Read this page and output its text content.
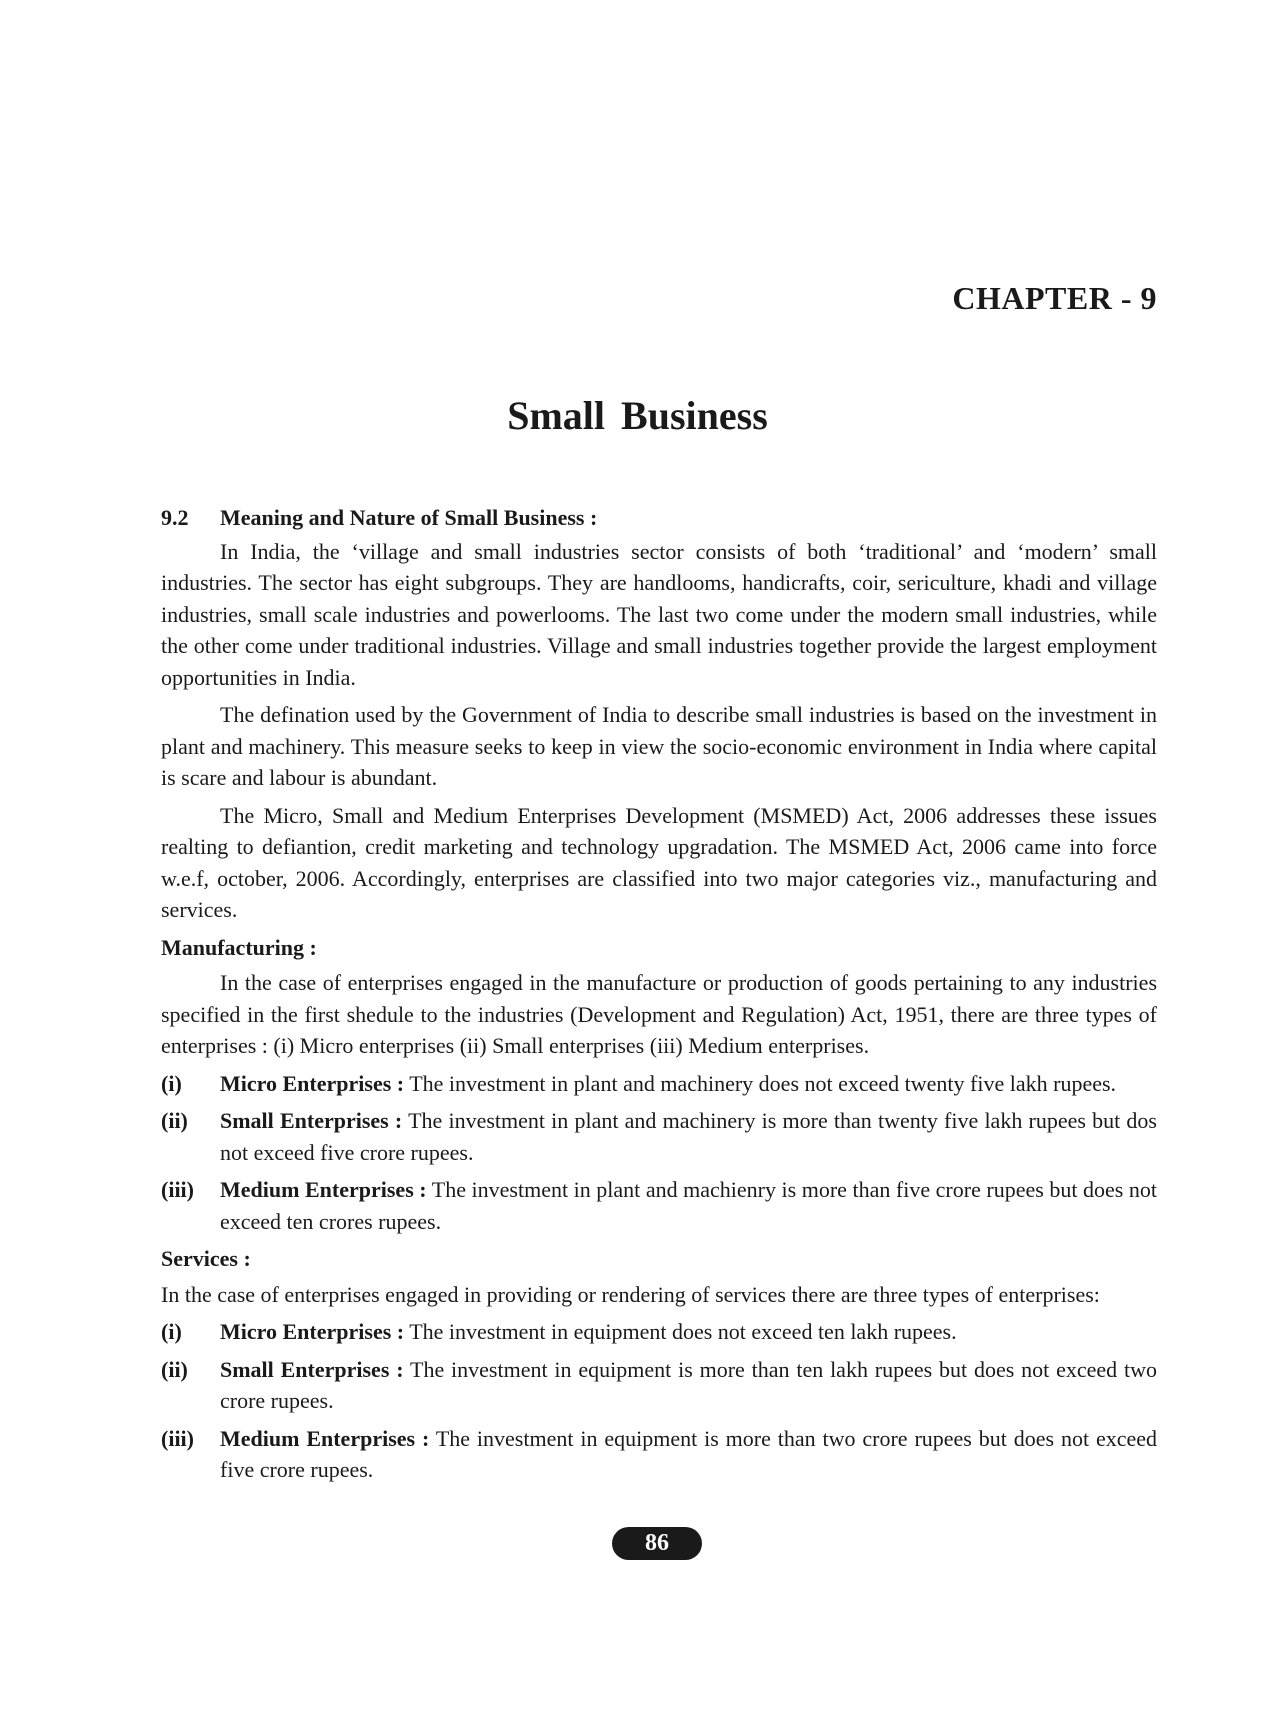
CHAPTER - 9
Small Business
9.2	Meaning and Nature of Small Business :

In India, the ‘village and small industries sector consists of both ‘traditional’ and ‘modern’ small industries. The sector has eight subgroups. They are handlooms, handicrafts, coir, sericulture, khadi and village industries, small scale industries and powerlooms. The last two come under the modern small industries, while the other come under traditional industries. Village and small industries together provide the largest employment opportunities in India.

The defination used by the Government of India to describe small industries is based on the investment in plant and machinery. This measure seeks to keep in view the socio-economic environment in India where capital is scare and labour is abundant.

The Micro, Small and Medium Enterprises Development (MSMED) Act, 2006 addresses these issues realting to defiantion, credit marketing and technology upgradation. The MSMED Act, 2006 came into force w.e.f, october, 2006. Accordingly, enterprises are classified into two major categories viz., manufacturing and services.

Manufacturing :

In the case of enterprises engaged in the manufacture or production of goods pertaining to any industries specified in the first shedule to the industries (Development and Regulation) Act, 1951, there are three types of enterprises : (i) Micro enterprises (ii) Small enterprises (iii) Medium enterprises.

(i)	Micro Enterprises : The investment in plant and machinery does not exceed twenty five lakh rupees.
(ii)	Small Enterprises : The investment in plant and machinery is more than twenty five lakh rupees but dos not exceed five crore rupees.
(iii)	Medium Enterprises : The investment in plant and machienry is more than five crore rupees but does not exceed ten crores rupees.
Services :

In the case of enterprises engaged in providing or rendering of services there are three types of enterprises:

(i)	Micro Enterprises : The investment in equipment does not exceed ten lakh rupees.
(ii)	Small Enterprises : The investment in equipment is more than ten lakh rupees but does not exceed two crore rupees.
(iii)	Medium Enterprises : The investment in equipment is more than two crore rupees but does not exceed five crore rupees.
86
